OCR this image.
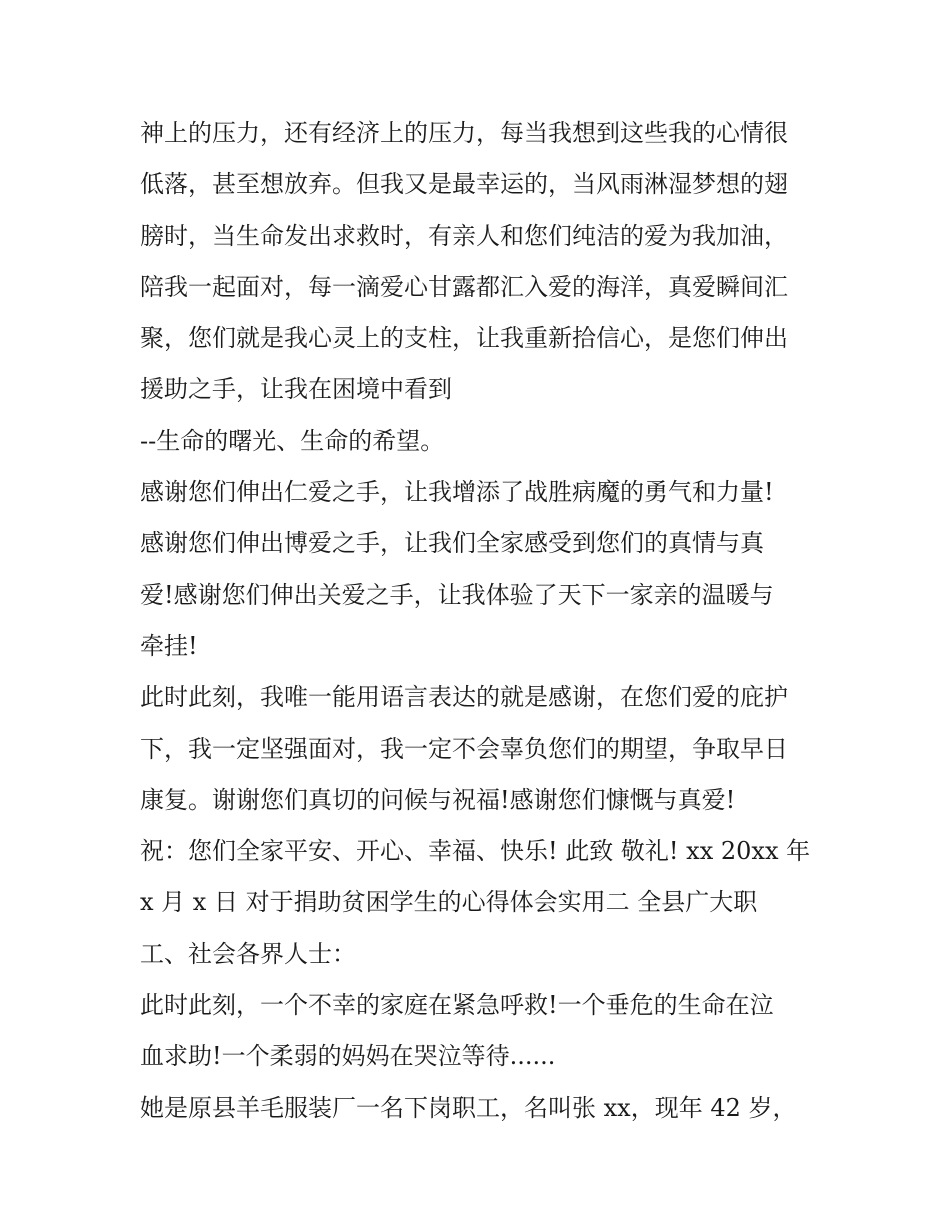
神上的压力，还有经济上的压力，每当我想到这些我的心情很
低落，甚至想放弃。但我又是最幸运的，当风雨淋湿梦想的翅
膀时，当生命发出求救时，有亲人和您们纯洁的爱为我加油，
陪我一起面对，每一滴爱心甘露都汇入爱的海洋，真爱瞬间汇
聚，您们就是我心灵上的支柱，让我重新拾信心，是您们伸出
援助之手，让我在困境中看到
--生命的曙光、生命的希望。
感谢您们伸出仁爱之手，让我增添了战胜病魔的勇气和力量!
感谢您们伸出博爱之手，让我们全家感受到您们的真情与真
爱!感谢您们伸出关爱之手，让我体验了天下一家亲的温暖与
牵挂!
此时此刻，我唯一能用语言表达的就是感谢，在您们爱的庇护
下，我一定坚强面对，我一定不会辜负您们的期望，争取早日
康复。谢谢您们真切的问候与祝福!感谢您们慷慨与真爱!
祝：您们全家平安、开心、幸福、快乐! 此致 敬礼! xx 20xx 年
x 月 x 日 对于捐助贫困学生的心得体会实用二 全县广大职
工、社会各界人士：
此时此刻，一个不幸的家庭在紧急呼救!一个垂危的生命在泣
血求助!一个柔弱的妈妈在哭泣等待......
她是原县羊毛服装厂一名下岗职工，名叫张 xx，现年 42 岁，
